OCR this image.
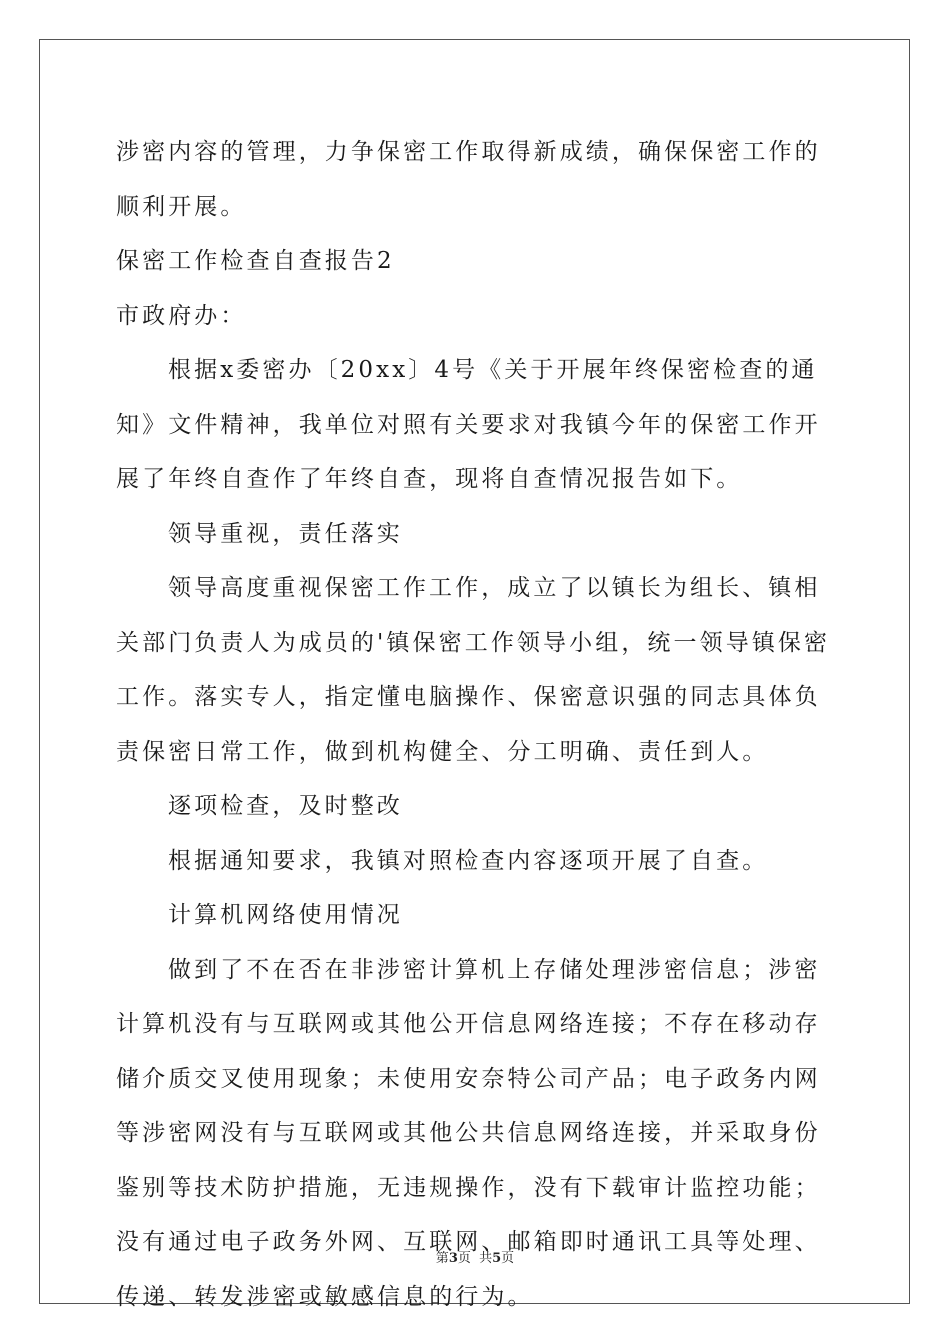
涉密内容的管理，力争保密工作取得新成绩，确保保密工作的顺利开展。

保密工作检查自查报告2

市政府办：

根据x委密办〔20xx〕4号《关于开展年终保密检查的通知》文件精神，我单位对照有关要求对我镇今年的保密工作开展了年终自查作了年终自查，现将自查情况报告如下。

领导重视，责任落实

领导高度重视保密工作工作，成立了以镇长为组长、镇相关部门负责人为成员的'镇保密工作领导小组，统一领导镇保密工作。落实专人，指定懂电脑操作、保密意识强的同志具体负责保密日常工作，做到机构健全、分工明确、责任到人。

逐项检查，及时整改

根据通知要求，我镇对照检查内容逐项开展了自查。

计算机网络使用情况

做到了不在否在非涉密计算机上存储处理涉密信息；涉密计算机没有与互联网或其他公开信息网络连接；不存在移动存储介质交叉使用现象；未使用安奈特公司产品；电子政务内网等涉密网没有与互联网或其他公共信息网络连接，并采取身份鉴别等技术防护措施，无违规操作，没有下载审计监控功能；没有通过电子政务外网、互联网、邮箱即时通讯工具等处理、传递、转发涉密或敏感信息的行为。

第3页  共5页
